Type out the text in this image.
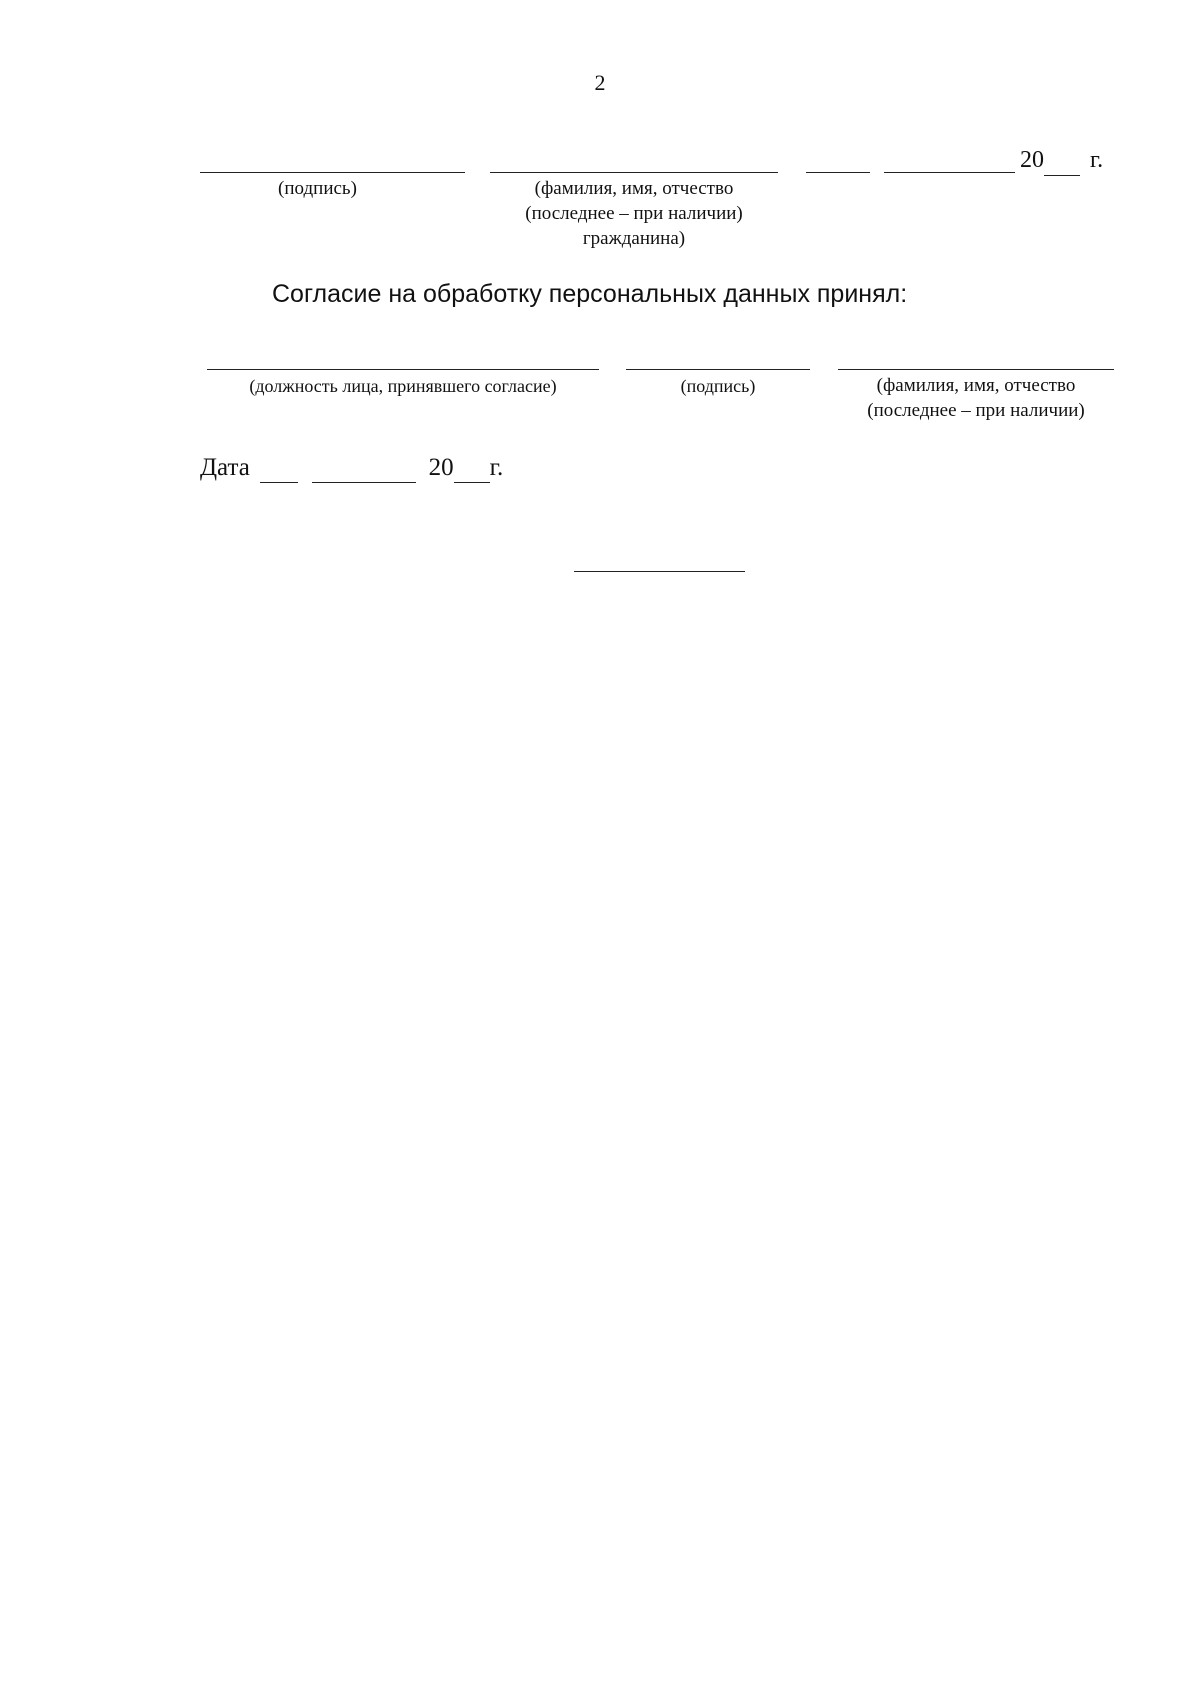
2
(подпись)	(фамилия, имя, отчество
(последнее – при наличии)
гражданина)
20 г.
Согласие на обработку персональных данных принял:
(должность лица, принявшего согласие)	(подпись)	(фамилия, имя, отчество
(последнее – при наличии)
Дата	20 г.
